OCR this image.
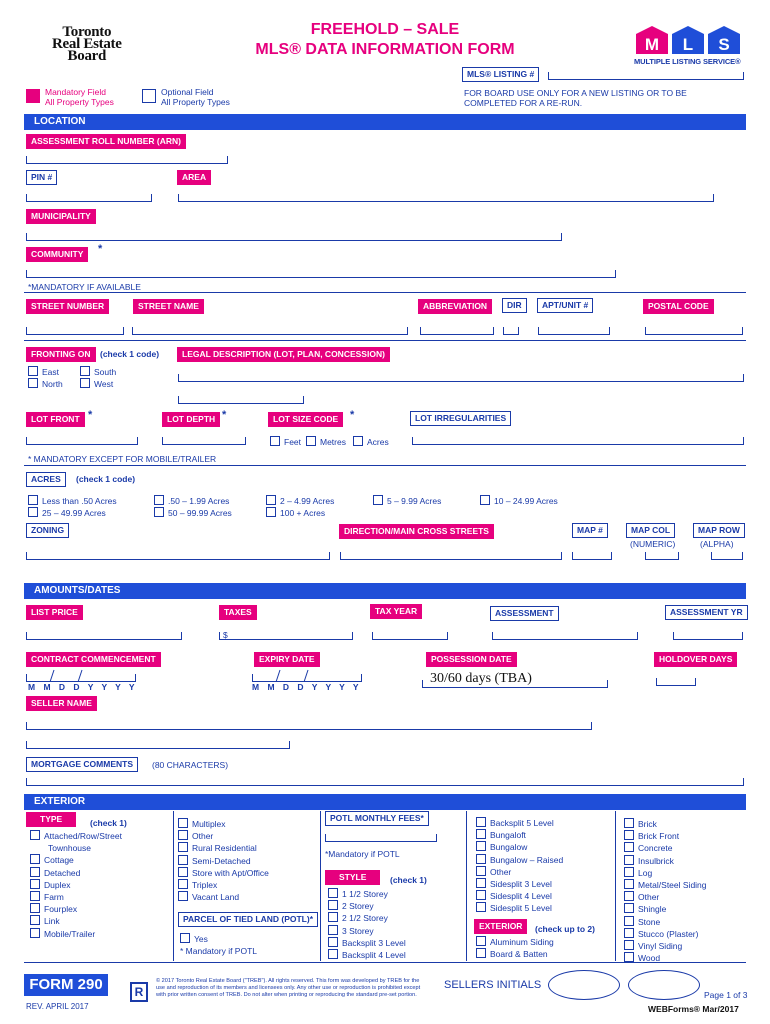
Toronto
Real Estate
Board
FREEHOLD – SALE
MLS® DATA INFORMATION FORM	M L S
MULTIPLE LISTING SERVICE®
MLS® LISTING #
FOR BOARD USE ONLY FOR A NEW LISTING OR TO BE COMPLETED FOR A RE-RUN.
Mandatory Field
All Property Types
Optional Field
All Property Types
LOCATION
ASSESSMENT ROLL NUMBER (ARN)
PIN #	AREA
MUNICIPALITY
COMMUNITY	*
*MANDATORY IF AVAILABLE
STREET NUMBER	STREET NAME	ABBREVIATION	DIR	APT/UNIT #	POSTAL CODE
FRONTING ON	(check 1 code)	LEGAL DESCRIPTION (LOT, PLAN, CONCESSION)
East	South
North	West
LOT FRONT *	LOT DEPTH *	LOT SIZE CODE	*	LOT IRREGULARITIES
Feet	Metres	Acres
* MANDATORY EXCEPT FOR MOBILE/TRAILER
ACRES	(check 1 code)
Less than .50 Acres	.50 – 1.99 Acres	2 – 4.99 Acres	5 – 9.99 Acres	10 – 24.99 Acres
25 – 49.99 Acres	50 – 99.99 Acres	100 + Acres
ZONING	DIRECTION/MAIN CROSS STREETS	MAP #	MAP COL
(NUMERIC)
MAP ROW
(ALPHA)
AMOUNTS/DATES
LIST PRICE	TAXES	TAX YEAR	ASSESSMENT	ASSESSMENT YR
$
CONTRACT COMMENCEMENT	EXPIRY DATE	POSSESSION DATE	HOLDOVER DAYS
M M D D Y Y Y Y	M M D D Y Y Y Y
30/60 days (TBA)
SELLER NAME
MORTGAGE COMMENTS	(80 CHARACTERS)
EXTERIOR
TYPE	(check 1)
Attached/Row/Street
Townhouse
Cottage
Detached
Duplex
Farm
Fourplex
Link
Mobile/Trailer
Multiplex
Other
Rural Residential
Semi-Detached
Store with Apt/Office
Triplex
Vacant Land
PARCEL OF TIED LAND (POTL)*
Yes
* Mandatory if POTL
POTL MONTHLY FEES*
*Mandatory if POTL
STYLE	(check 1)
1 1/2 Storey
2 Storey
2 1/2 Storey
3 Storey
Backsplit 3 Level
Backsplit 4 Level
Backsplit 5 Level
Bungaloft
Bungalow
Bungalow – Raised
Other
Sidesplit 3 Level
Sidesplit 4 Level
Sidesplit 5 Level
EXTERIOR	(check up to 2)
Aluminum Siding
Board & Batten
Brick
Brick Front
Concrete
Insulbrick
Log
Metal/Steel Siding
Other
Shingle
Stone
Stucco (Plaster)
Vinyl Siding
Wood
FORM 290
REV. APRIL 2017
R
© 2017 Toronto Real Estate Board ("TREB"). All rights reserved. This form was developed by TREB for the use and reproduction of its members and licensees only. Any other use or reproduction is prohibited except with prior written consent of TREB. Do not alter when printing or reproducing the standard pre-set portion.
SELLERS INITIALS
Page 1 of 3
WEBForms® Mar/2017
